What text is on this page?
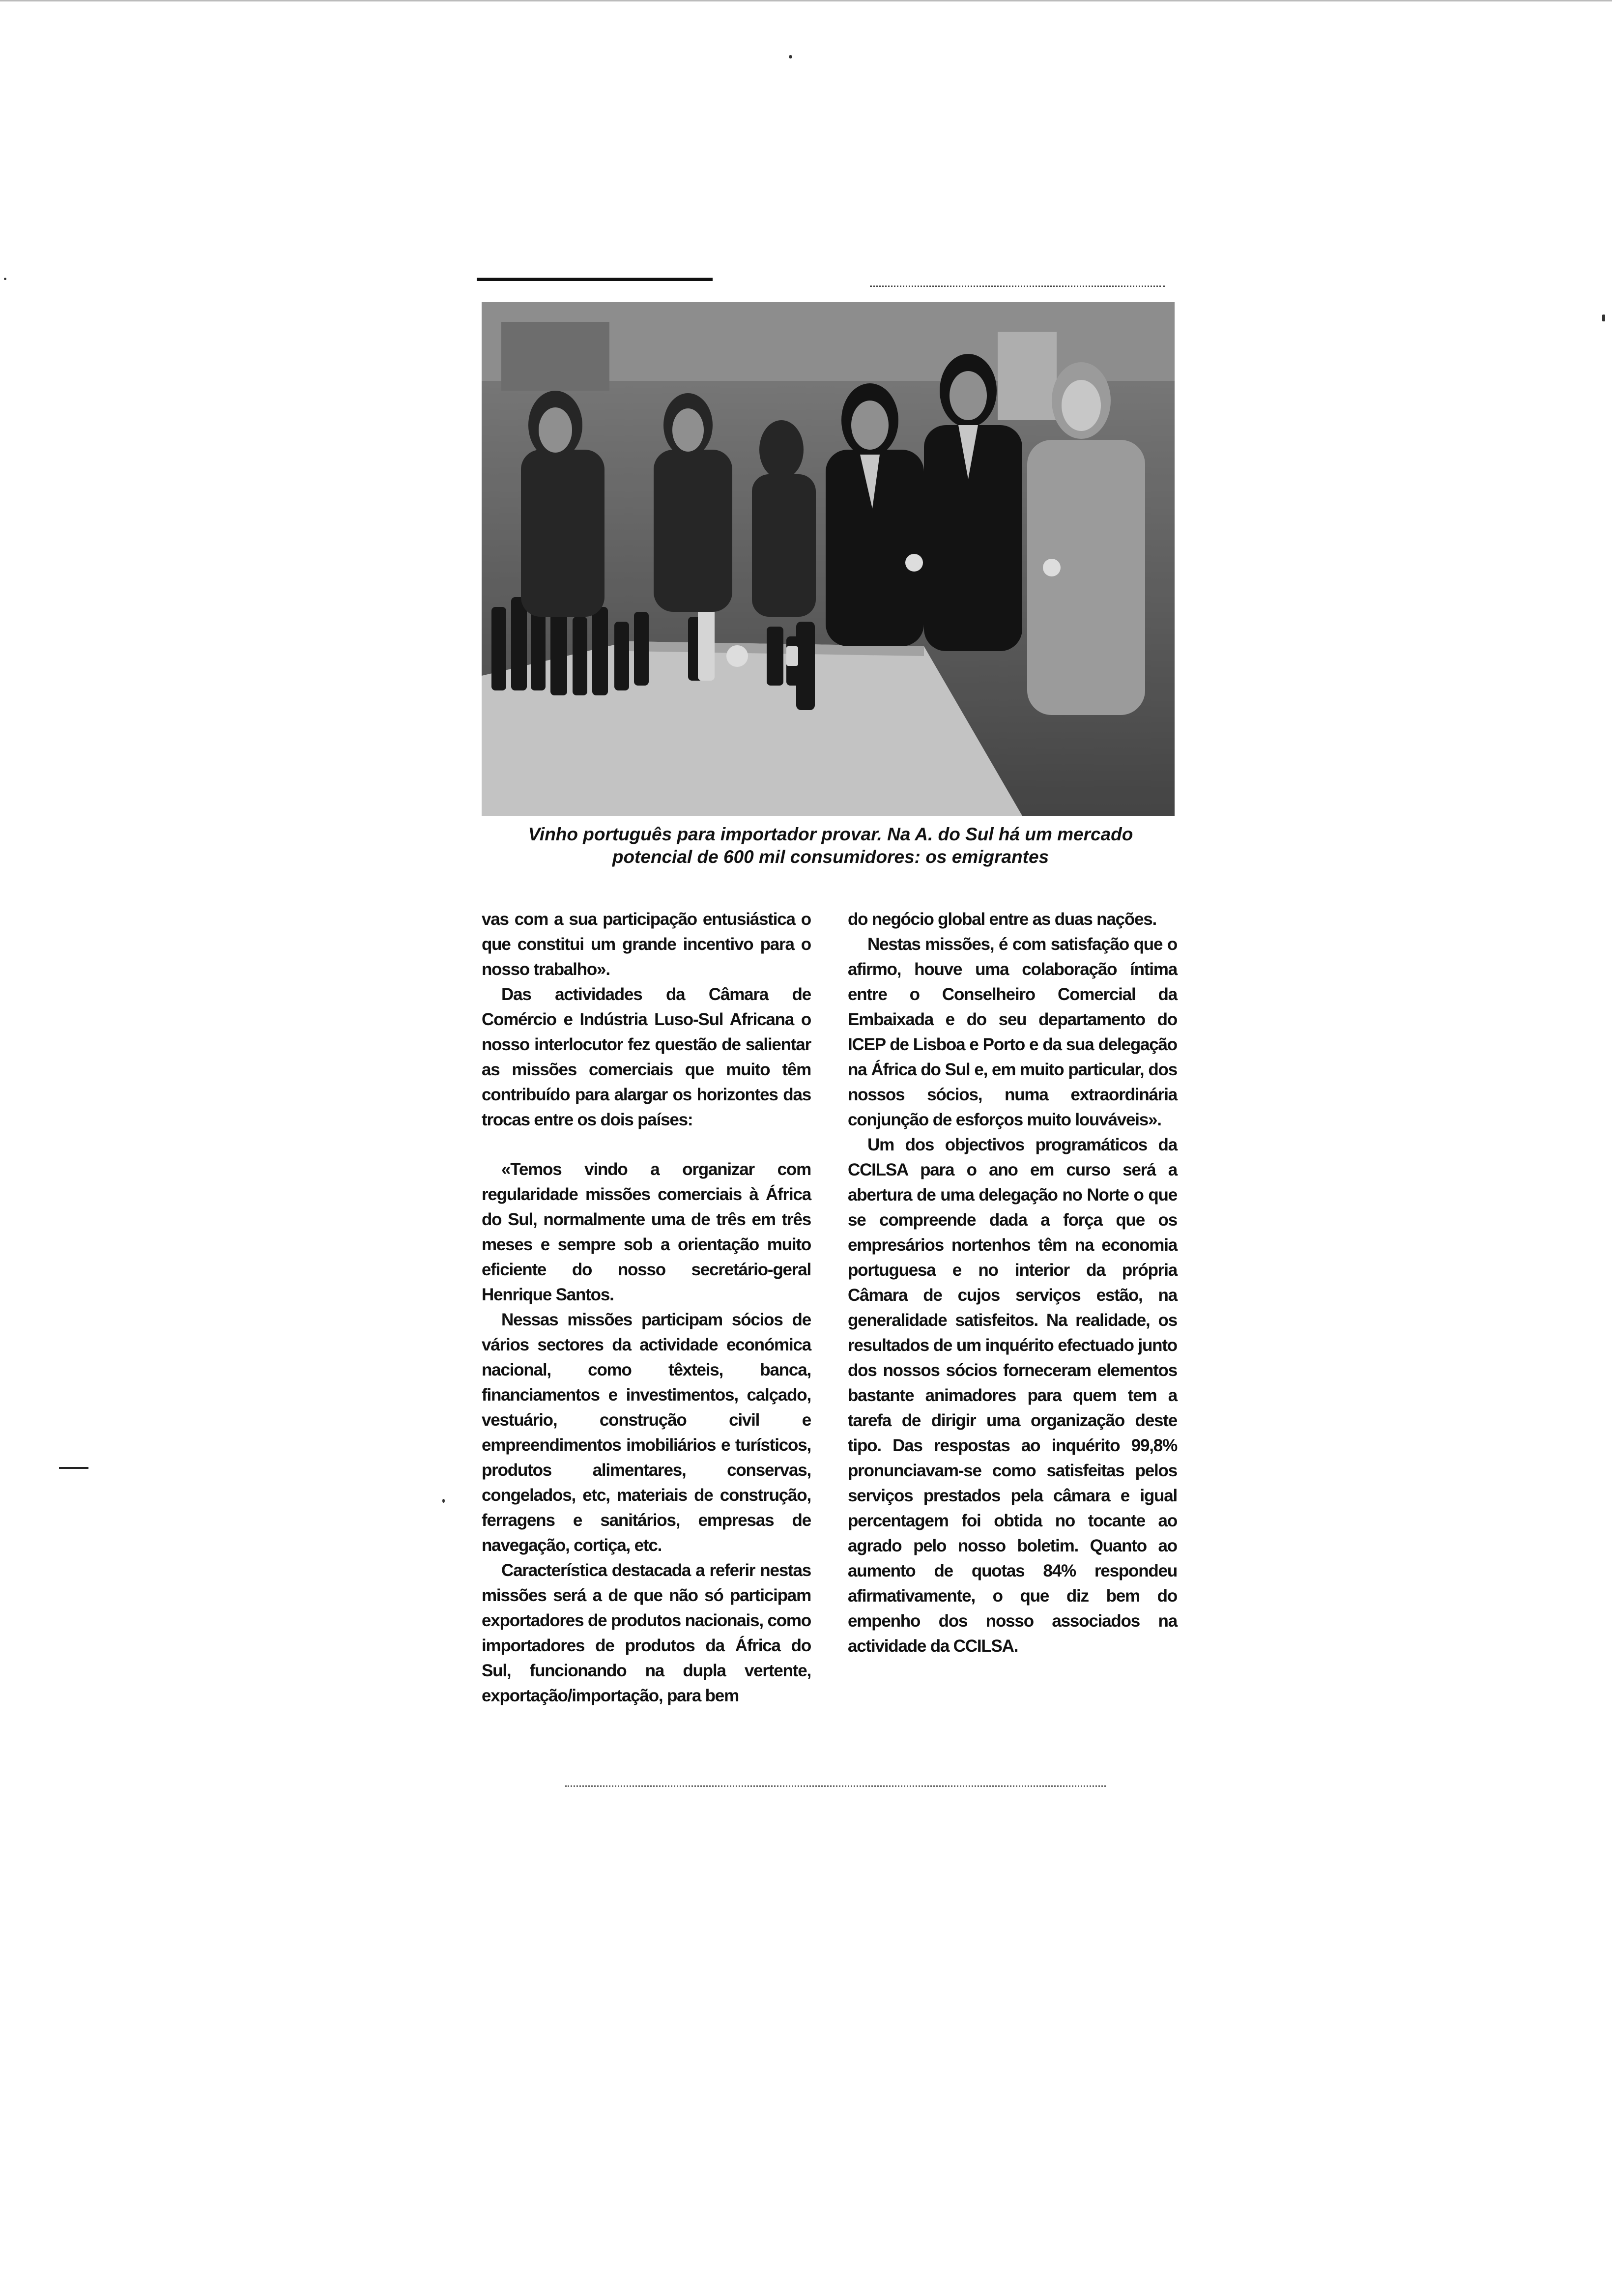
Vinho português para importador provar. Na A. do Sul há um mercado
potencial de 600 mil consumidores: os emigrantes

vas com a sua participação entusiástica o que constitui um grande incentivo para o nosso trabalho».

Das actividades da Câmara de Comércio e Indústria Luso-Sul Africana o nosso interlocutor fez questão de salientar as missões comerciais que muito têm contribuído para alargar os horizontes das trocas entre os dois países:

«Temos vindo a organizar com regularidade missões comerciais à África do Sul, normalmente uma de três em três meses e sempre sob a orientação muito eficiente do nosso secretário-geral Henrique Santos.

Nessas missões participam sócios de vários sectores da actividade económica nacional, como têxteis, banca, financiamentos e investimentos, calçado, vestuário, construção civil e empreendimentos imobiliários e turísticos, produtos alimentares, conservas, congelados, etc, materiais de construção, ferragens e sanitários, empresas de navegação, cortiça, etc.

Característica destacada a referir nestas missões será a de que não só participam exportadores de produtos nacionais, como importadores de produtos da África do Sul, funcionando na dupla vertente, exportação/importação, para bem

do negócio global entre as duas nações.

Nestas missões, é com satisfação que o afirmo, houve uma colaboração íntima entre o Conselheiro Comercial da Embaixada e do seu departamento do ICEP de Lisboa e Porto e da sua delegação na África do Sul e, em muito particular, dos nossos sócios, numa extraordinária conjunção de esforços muito louváveis».

Um dos objectivos programáticos da CCILSA para o ano em curso será a abertura de uma delegação no Norte o que se compreende dada a força que os empresários nortenhos têm na economia portuguesa e no interior da própria Câmara de cujos serviços estão, na generalidade satisfeitos. Na realidade, os resultados de um inquérito efectuado junto dos nossos sócios forneceram elementos bastante animadores para quem tem a tarefa de dirigir uma organização deste tipo. Das respostas ao inquérito 99,8% pronunciavam-se como satisfeitas pelos serviços prestados pela câmara e igual percentagem foi obtida no tocante ao agrado pelo nosso boletim. Quanto ao aumento de quotas 84% respondeu afirmativamente, o que diz bem do empenho dos nosso associados na actividade da CCILSA.
